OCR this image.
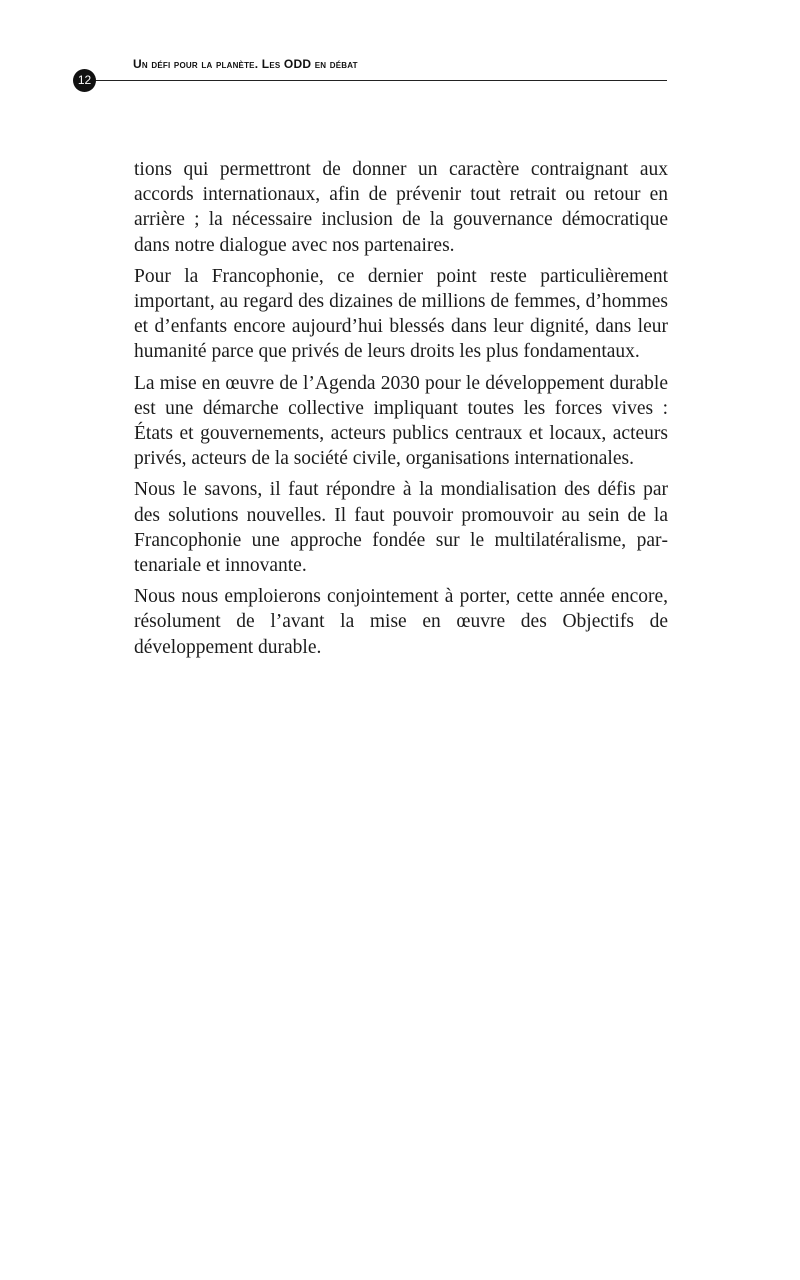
Un défi pour la planète. Les ODD en débat
12

tions qui permettront de donner un caractère contraignant aux accords internationaux, afin de prévenir tout retrait ou retour en arrière ; la nécessaire inclusion de la gouvernance démocratique dans notre dialogue avec nos partenaires.

Pour la Francophonie, ce dernier point reste particulièrement important, au regard des dizaines de millions de femmes, d’hommes et d’enfants encore aujourd’hui blessés dans leur dignité, dans leur humanité parce que privés de leurs droits les plus fondamentaux.

La mise en œuvre de l’Agenda 2030 pour le développement durable est une démarche collective impliquant toutes les forces vives : États et gouvernements, acteurs publics centraux et locaux, acteurs privés, acteurs de la société civile, organisations internationales.

Nous le savons, il faut répondre à la mondialisation des défis par des solutions nouvelles. Il faut pouvoir promouvoir au sein de la Francophonie une approche fondée sur le multilatéralisme, partenariale et innovante.

Nous nous emploierons conjointement à porter, cette année encore, résolument de l’avant la mise en œuvre des Objectifs de développement durable.
